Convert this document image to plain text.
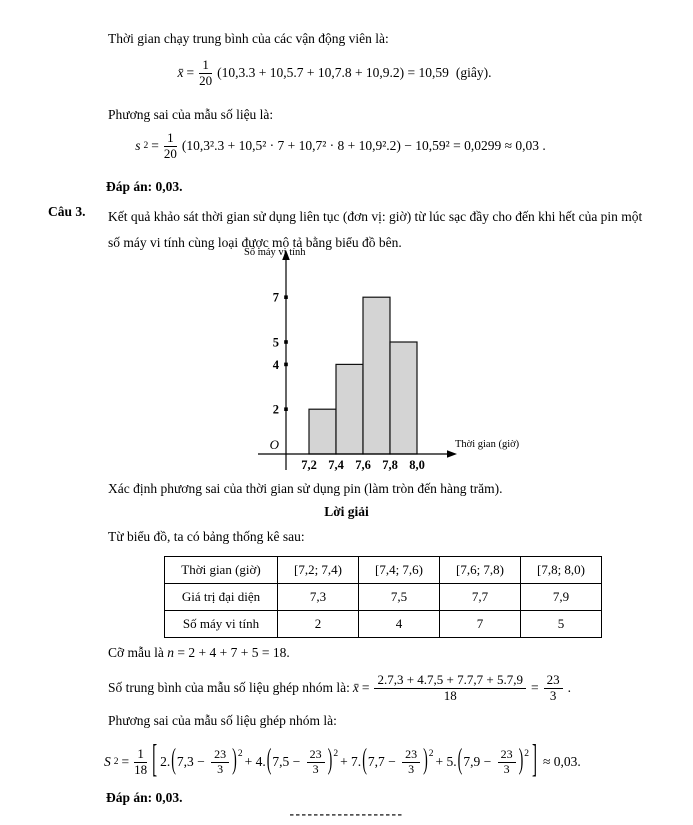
Thời gian chạy trung bình của các vận động viên là:
x̄ = $\frac{1}{20} (10,3.3 + 10,5.7 + 10,7.8 + 10,9.2) = 10,59$ (giây).
Phương sai của mẫu số liệu là:
s $2 = \frac{1}{20} (10,3^2.3 + 10,5^2 \cdot 7 + 10,7^2 \cdot 8 + 10,9^2.2) - 10,59^2 = 0,0299 \approx 0,03$ .
Đáp án: 0,03.
Câu 3. Kết quả khảo sát thời gian sử dụng liên tục (đơn vị: giờ) từ lúc sạc đầy cho đến khi hết của pin một số máy vi tính cùng loại được mô tả bằng biểu đồ bên.
2
4
5
7
7,2 7,4 7,6 7,8 8,0
O
Số máy vi tính
Thời gian (giờ)
Xác định phương sai của thời gian sử dụng pin (làm tròn đến hàng trăm).
Lời giải
Từ biểu đồ, ta có bảng thống kê sau:
Thời gian (giờ)	[7,2; 7,4)	[7,4; 7,6)	[7,6; 7,8)	[7,8; 8,0)
Giá trị đại diện	7,3	7,5	7,7	7,9
Số máy vi tính	2	4	7	5
Cỡ mẫu là n = 2 + 4 + 7 + 5 = 18.
Số trung bình của mẫu số liệu ghép nhóm là: x̄ = $\frac{2.7,3 + 4.7,5 + 7.7,7 + 5.7,9}{18} = \frac{23}{3}$ .
Phương sai của mẫu số liệu ghép nhóm là:
S $2 = \frac{1}{18}$ [ 2. ( $7,3 - \frac{23}{3} )^2$
+ 4. ( $7,5 - \frac{23}{3} )^2$
+ 7. ( $7,7 - \frac{23}{3} )^2$
+ 5. ( $7,9 - \frac{23}{3} )^2$ ] ≈ 0,03.
Đáp án: 0,03.
-------------------
